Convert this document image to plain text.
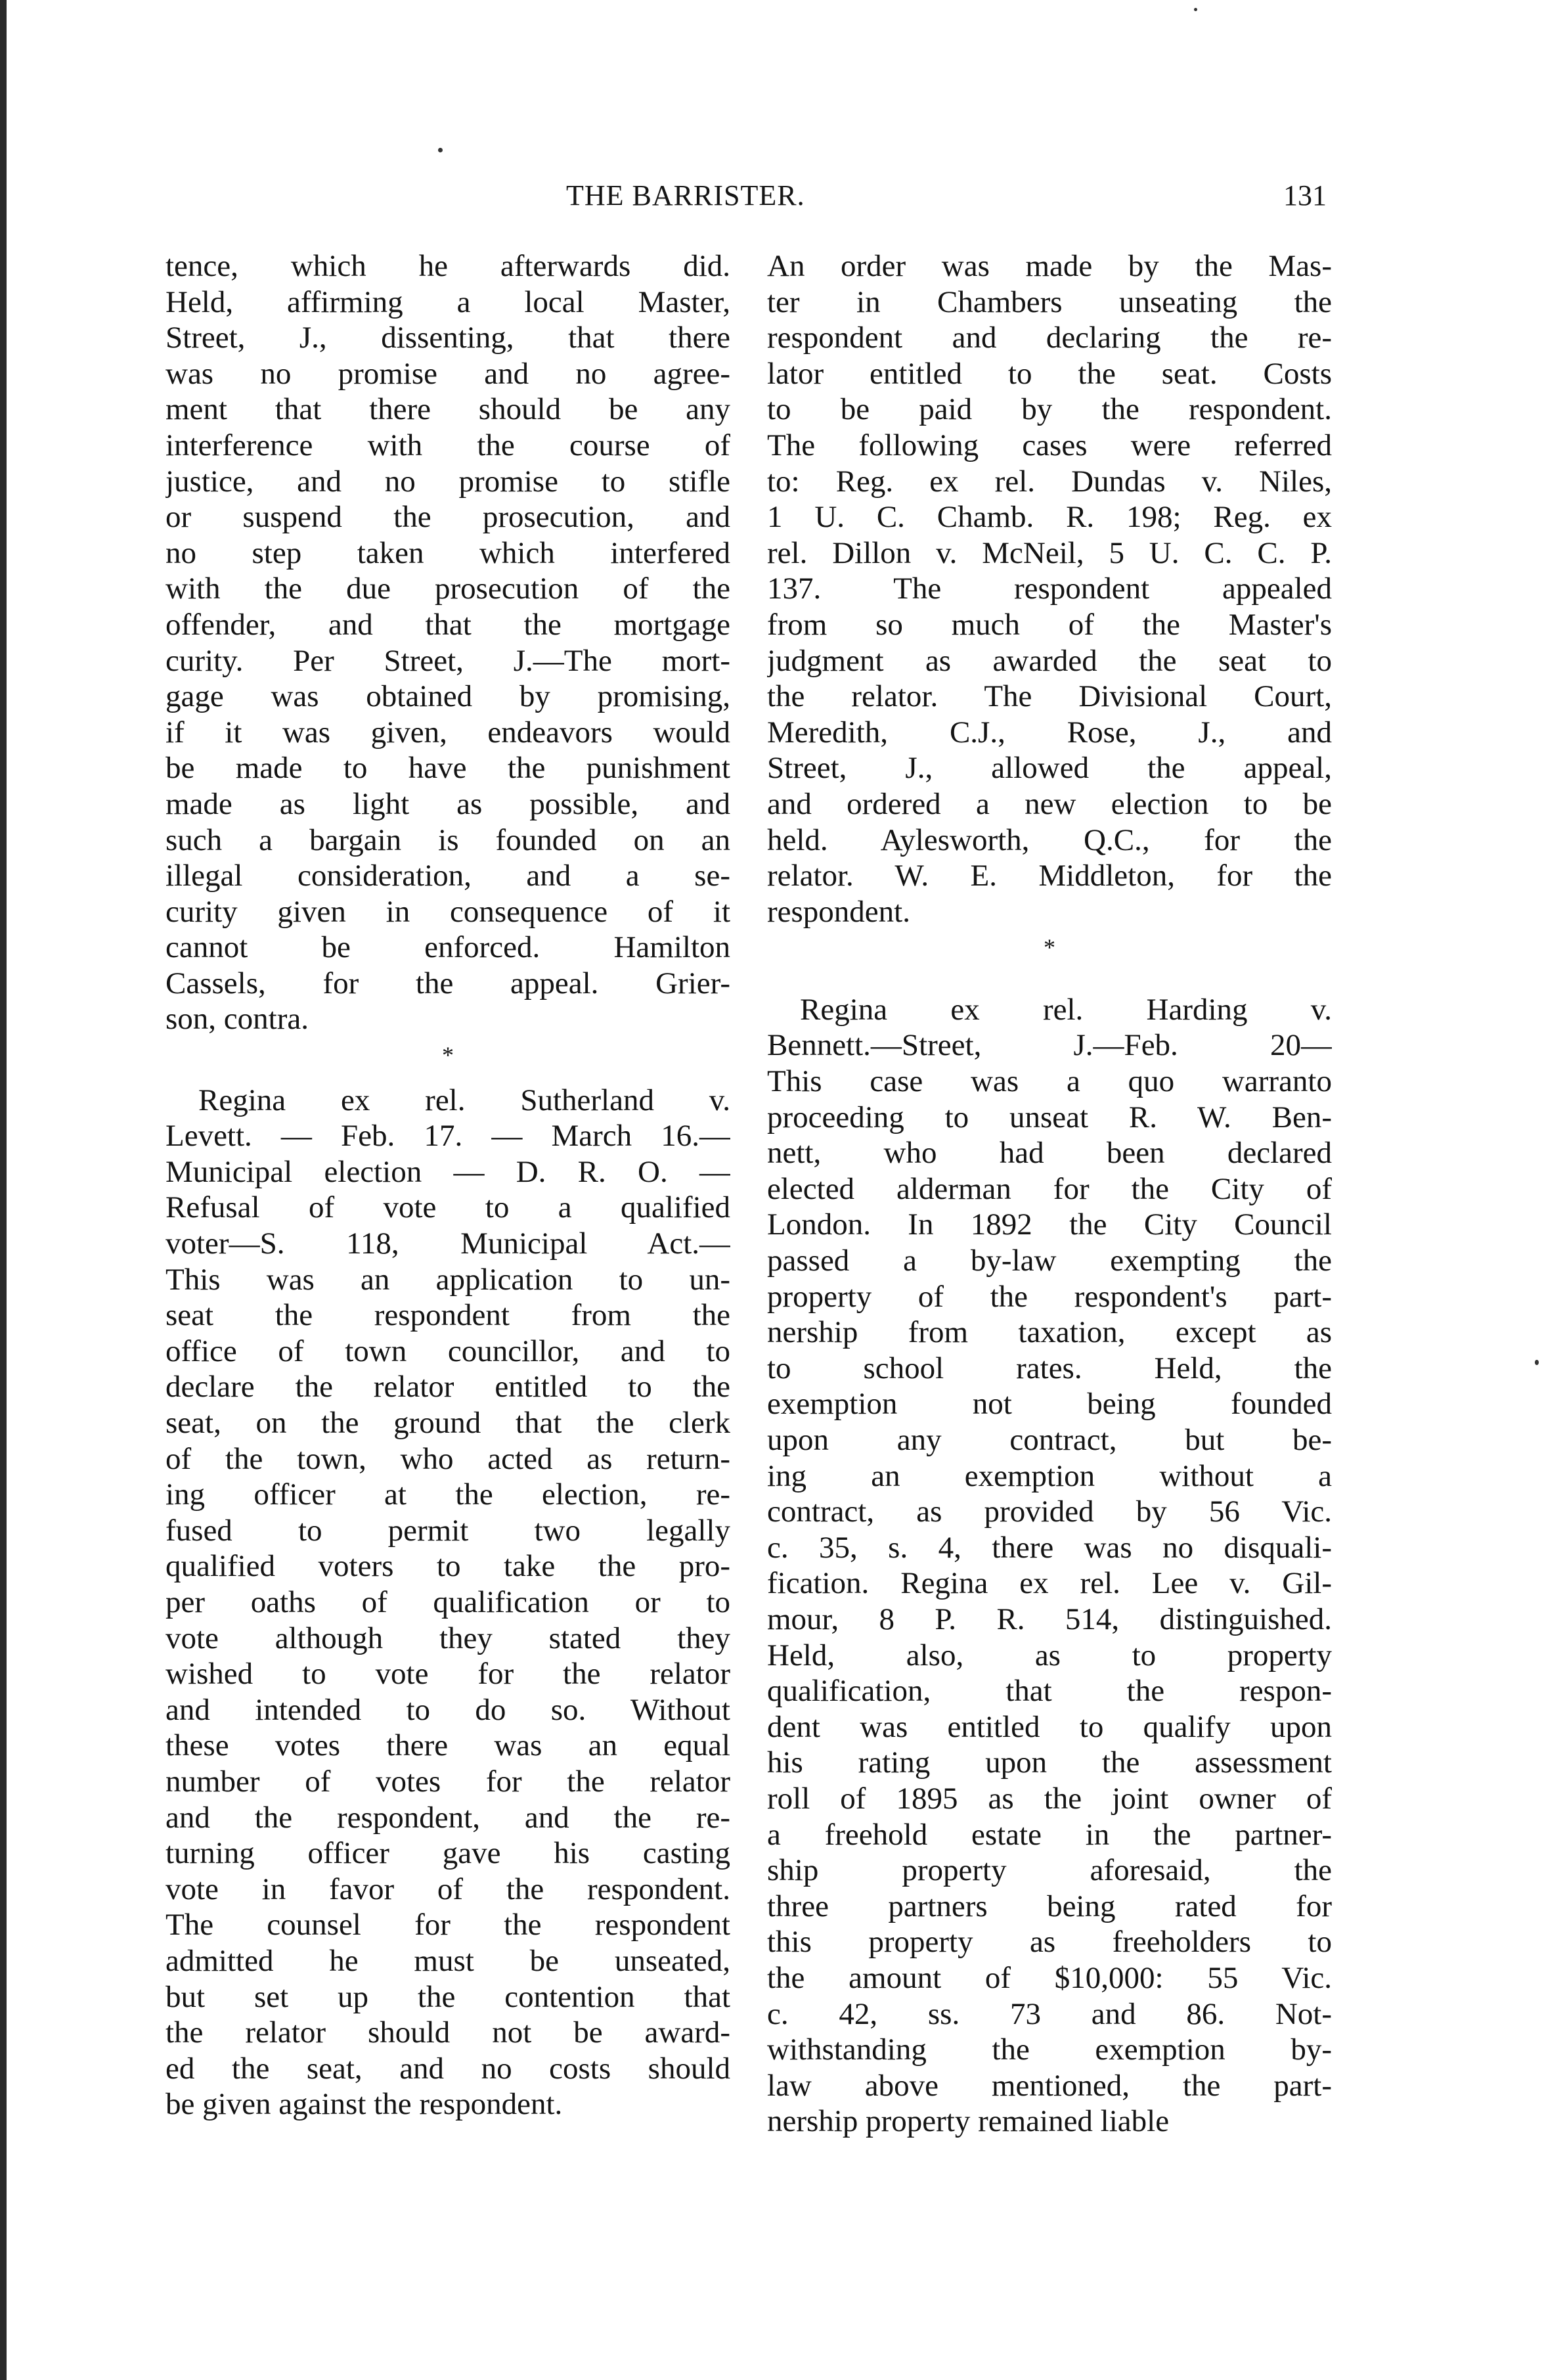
THE BARRISTER.	131
tence, which he afterwards did.
Held, affirming a local Master,
Street, J., dissenting, that there
was no promise and no agree-
ment that there should be any
interference with the course of
justice, and no promise to stifle
or suspend the prosecution, and
no step taken which interfered
with the due prosecution of the
offender, and that the mortgage
curity. Per Street, J.—The mort-
gage was obtained by promising,
if it was given, endeavors would
be made to have the punishment
made as light as possible, and
such a bargain is founded on an
illegal consideration, and a se-
curity given in consequence of it
cannot be enforced. Hamilton
Cassels, for the appeal. Grier-
son, contra.
*
Regina ex rel. Sutherland v.
Levett. — Feb. 17. — March 16.—
Municipal election — D. R. O. —
Refusal of vote to a qualified
voter—S. 118, Municipal Act.—
This was an application to un-
seat the respondent from the
office of town councillor, and to
declare the relator entitled to the
seat, on the ground that the clerk
of the town, who acted as return-
ing officer at the election, re-
fused to permit two legally
qualified voters to take the pro-
per oaths of qualification or to
vote although they stated they
wished to vote for the relator
and intended to do so. Without
these votes there was an equal
number of votes for the relator
and the respondent, and the re-
turning officer gave his casting
vote in favor of the respondent.
The counsel for the respondent
admitted he must be unseated,
but set up the contention that
the relator should not be award-
ed the seat, and no costs should
be given against the respondent.
An order was made by the Mas-
ter in Chambers unseating the
respondent and declaring the re-
lator entitled to the seat. Costs
to be paid by the respondent.
The following cases were referred
to: Reg. ex rel. Dundas v. Niles,
1 U. C. Chamb. R. 198; Reg. ex
rel. Dillon v. McNeil, 5 U. C. C. P.
137. The respondent appealed
from so much of the Master's
judgment as awarded the seat to
the relator. The Divisional Court,
Meredith, C.J., Rose, J., and
Street, J., allowed the appeal,
and ordered a new election to be
held. Aylesworth, Q.C., for the
relator. W. E. Middleton, for the
respondent.
*
Regina ex rel. Harding v.
Bennett.—Street, J.—Feb. 20—
This case was a quo warranto
proceeding to unseat R. W. Ben-
nett, who had been declared
elected alderman for the City of
London. In 1892 the City Council
passed a by-law exempting the
property of the respondent's part-
nership from taxation, except as
to school rates. Held, the
exemption not being founded
upon any contract, but be-
ing an exemption without a
contract, as provided by 56 Vic.
c. 35, s. 4, there was no disquali-
fication. Regina ex rel. Lee v. Gil-
mour, 8 P. R. 514, distinguished.
Held, also, as to property
qualification, that the respon-
dent was entitled to qualify upon
his rating upon the assessment
roll of 1895 as the joint owner of
a freehold estate in the partner-
ship property aforesaid, the
three partners being rated for
this property as freeholders to
the amount of $10,000: 55 Vic.
c. 42, ss. 73 and 86. Not-
withstanding the exemption by-
law above mentioned, the part-
nership property remained liable
